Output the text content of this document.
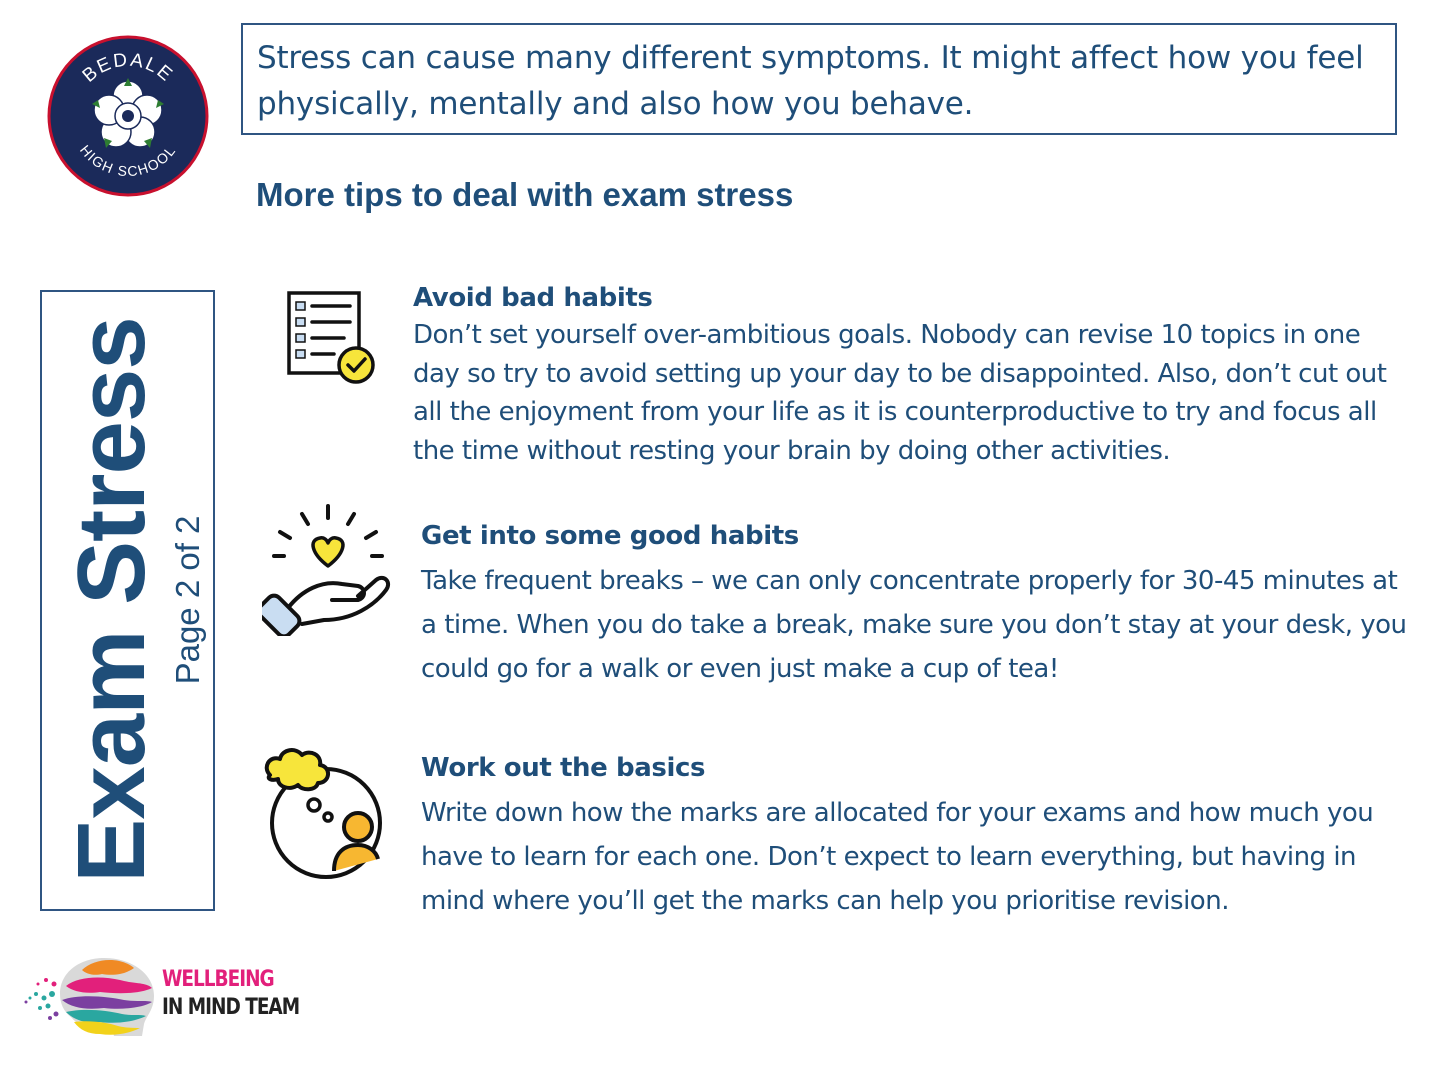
BEDALE
HIGH SCHOOL

Stress can cause many different symptoms. It might affect how you feel physically, mentally and also how you behave.

More tips to deal with exam stress
Exam Stress Page 2 of 2
Avoid bad habits

Don’t set yourself over-ambitious goals. Nobody can revise 10 topics in one day so try to avoid setting up your day to be disappointed. Also, don’t cut out all the enjoyment from your life as it is counterproductive to try and focus all the time without resting your brain by doing other activities.

Get into some good habits

Take frequent breaks – we can only concentrate properly for 30-45 minutes at a time. When you do take a break, make sure you don’t stay at your desk, you could go for a walk or even just make a cup of tea!

Work out the basics

Write down how the marks are allocated for your exams and how much you have to learn for each one. Don’t expect to learn everything, but having in mind where you’ll get the marks can help you prioritise revision.

WELLBEING
IN MIND TEAM
